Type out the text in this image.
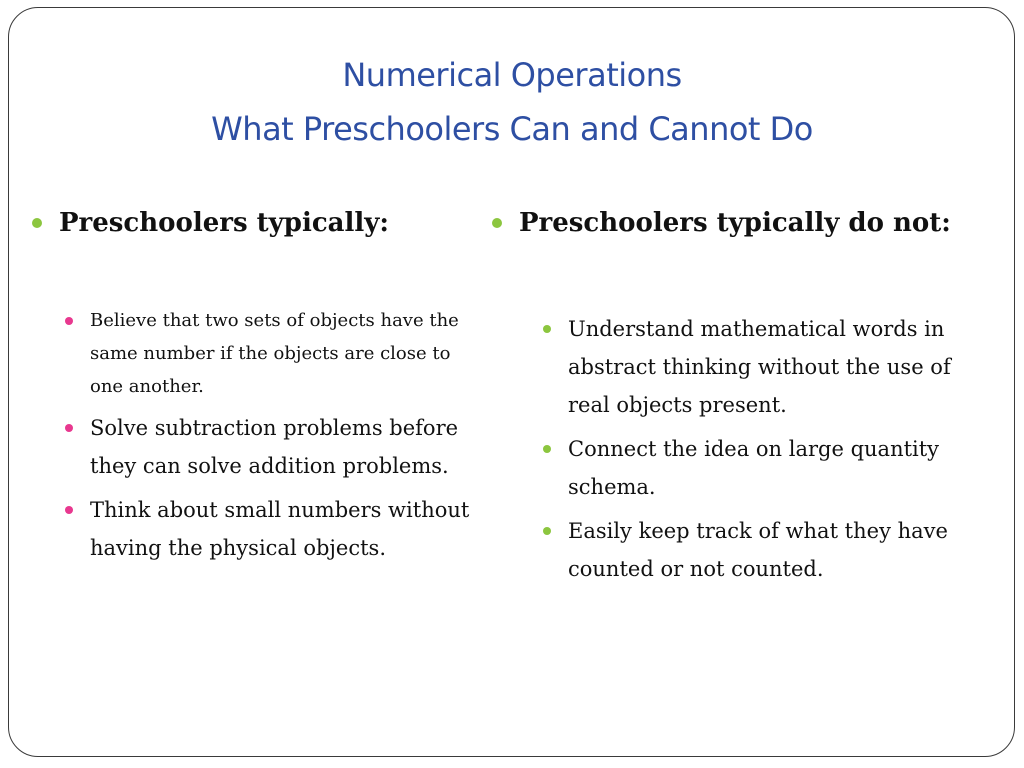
Numerical Operations
What Preschoolers Can and Cannot Do
Preschoolers typically:
Believe that two sets of objects have the same number if the objects are close to one another.
Solve subtraction problems before they can solve addition problems.
Think about small numbers without having the physical objects.
Preschoolers typically do not:
Understand mathematical words in abstract thinking without the use of real objects present.
Connect the idea on large quantity schema.
Easily keep track of what they have counted or not counted.
